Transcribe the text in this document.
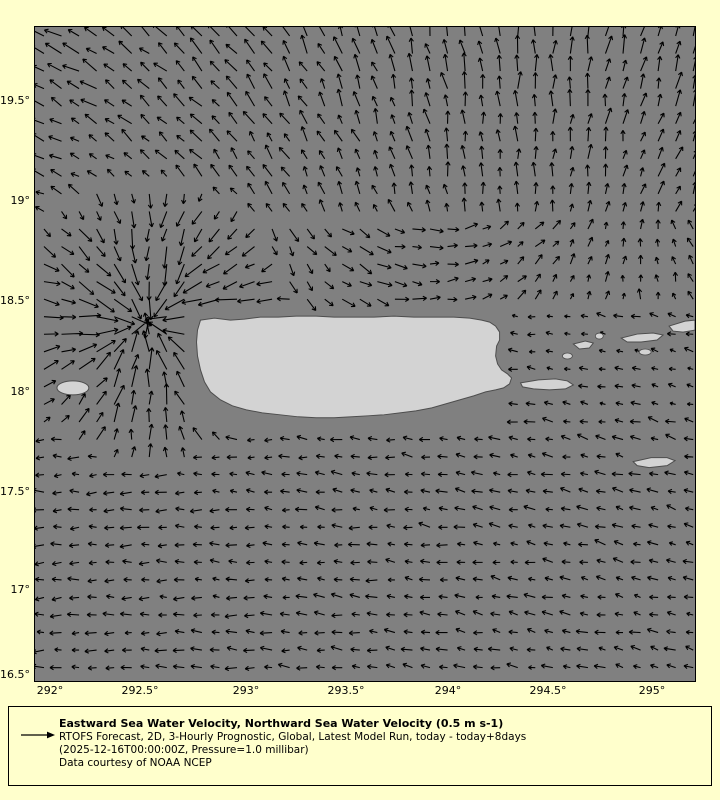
19.5°
19°
18.5°
18°
17.5°
17°
16.5°
292°	292.5°	293°	293.5°	294°	294.5°	295°
Eastward Sea Water Velocity, Northward Sea Water Velocity (0.5 m s-1)
RTOFS Forecast, 2D, 3-Hourly Prognostic, Global, Latest Model Run, today - today+8days
(2025-12-16T00:00:00Z, Pressure=1.0 millibar)
Data courtesy of NOAA NCEP
